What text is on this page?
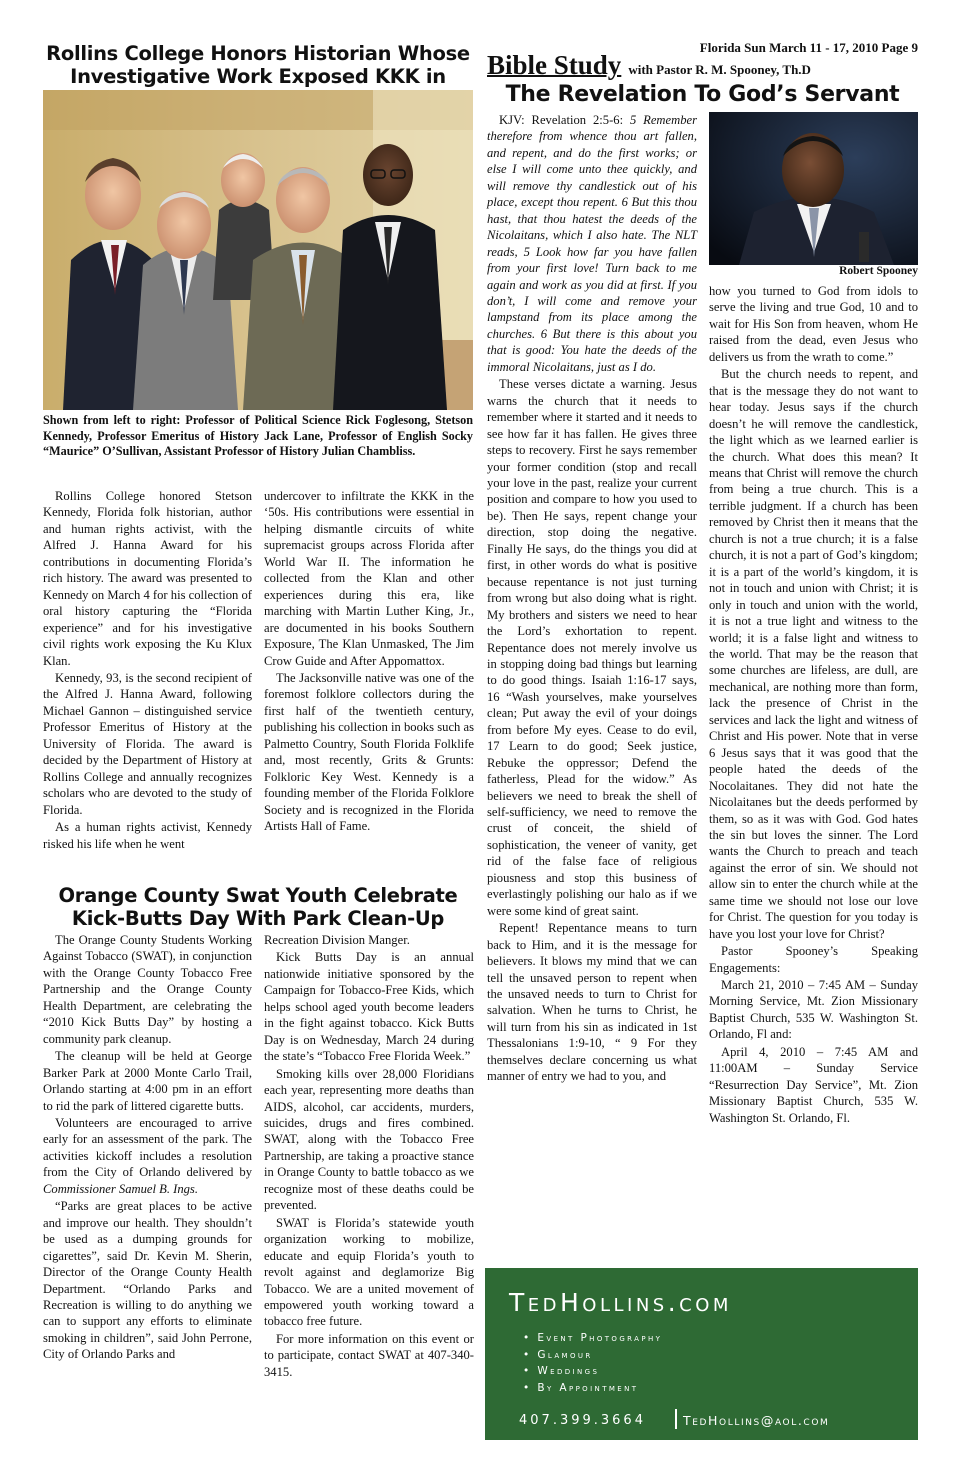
Rollins College Honors Historian Whose
Investigative Work Exposed KKK in
Shown from left to right: Professor of Political Science Rick Foglesong, Stetson Kennedy, Professor Emeritus of History Jack Lane, Professor of English Socky “Maurice” O’Sullivan, Assistant Professor of History Julian Chambliss.

Rollins College honored Stetson Kennedy, Florida folk historian, author and human rights activist, with the Alfred J. Hanna Award for his contributions in documenting Florida’s rich history. The award was presented to Kennedy on March 4 for his collection of oral history capturing the “Florida experience” and for his investigative civil rights work exposing the Ku Klux Klan.

Kennedy, 93, is the second recipient of the Alfred J. Hanna Award, following Michael Gannon – distinguished service Professor Emeritus of History at the University of Florida. The award is decided by the Department of History at Rollins College and annually recognizes scholars who are devoted to the study of Florida.

As a human rights activist, Kennedy risked his life when he went

undercover to infiltrate the KKK in the ‘50s. His contributions were essential in helping dismantle circuits of white supremacist groups across Florida after World War II. The information he collected from the Klan and other experiences during this era, like marching with Martin Luther King, Jr., are documented in his books Southern Exposure, The Klan Unmasked, The Jim Crow Guide and After Appomattox.

The Jacksonville native was one of the foremost folklore collectors during the first half of the twentieth century, publishing his collection in books such as Palmetto Country, South Florida Folklife and, most recently, Grits & Grunts: Folkloric Key West. Kennedy is a founding member of the Florida Folklore Society and is recognized in the Florida Artists Hall of Fame.

Orange County Swat Youth Celebrate
Kick-Butts Day With Park Clean-Up

The Orange County Students Working Against Tobacco (SWAT), in conjunction with the Orange County Tobacco Free Partnership and the Orange County Health Department, are celebrating the “2010 Kick Butts Day” by hosting a community park cleanup.

The cleanup will be held at George Barker Park at 2000 Monte Carlo Trail, Orlando starting at 4:00 pm in an effort to rid the park of littered cigarette butts.

Volunteers are encouraged to arrive early for an assessment of the park. The activities kickoff includes a resolution from the City of Orlando delivered by Commissioner Samuel B. Ings.

“Parks are great places to be active and improve our health. They shouldn’t be used as a dumping grounds for cigarettes”, said Dr. Kevin M. Sherin, Director of the Orange County Health Department. “Orlando Parks and Recreation is willing to do anything we can to support any efforts to eliminate smoking in children”, said John Perrone, City of Orlando Parks and

Recreation Division Manger.

Kick Butts Day is an annual nationwide initiative sponsored by the Campaign for Tobacco-Free Kids, which helps school aged youth become leaders in the fight against tobacco. Kick Butts Day is on Wednesday, March 24 during the state’s “Tobacco Free Florida Week.”

Smoking kills over 28,000 Floridians each year, representing more deaths than AIDS, alcohol, car accidents, murders, suicides, drugs and fires combined. SWAT, along with the Tobacco Free Partnership, are taking a proactive stance in Orange County to battle tobacco as we recognize most of these deaths could be prevented.

SWAT is Florida’s statewide youth organization working to mobilize, educate and equip Florida’s youth to revolt against and deglamorize Big Tobacco. We are a united movement of empowered youth working toward a tobacco free future.

For more information on this event or to participate, contact SWAT at 407-340-3415.

Florida Sun March 11 - 17, 2010 Page 9
Bible Study with Pastor R. M. Spooney, Th.D
The Revelation To God’s Servant
Robert Spooney

KJV: Revelation 2:5-6: 5 Remember therefore from whence thou art fallen, and repent, and do the first works; or else I will come unto thee quickly, and will remove thy candlestick out of his place, except thou repent. 6 But this thou hast, that thou hatest the deeds of the Nicolaitans, which I also hate. The NLT reads, 5 Look how far you have fallen from your first love! Turn back to me again and work as you did at first. If you don’t, I will come and remove your lampstand from its place among the churches. 6 But there is this about you that is good: You hate the deeds of the immoral Nicolaitans, just as I do.

These verses dictate a warning. Jesus warns the church that it needs to remember where it started and it needs to see how far it has fallen. He gives three steps to recovery. First he says remember your former condition (stop and recall your love in the past, realize your current position and compare to how you used to be). Then He says, repent change your direction, stop doing the negative. Finally He says, do the things you did at first, in other words do what is positive because repentance is not just turning from wrong but also doing what is right. My brothers and sisters we need to hear the Lord’s exhortation to repent. Repentance does not merely involve us in stopping doing bad things but learning to do good things. Isaiah 1:16-17 says, 16 “Wash yourselves, make yourselves clean; Put away the evil of your doings from before My eyes. Cease to do evil, 17 Learn to do good; Seek justice, Rebuke the oppressor; Defend the fatherless, Plead for the widow.” As believers we need to break the shell of self-sufficiency, we need to remove the crust of conceit, the shield of sophistication, the veneer of vanity, get rid of the false face of religious piousness and stop this business of everlastingly polishing our halo as if we were some kind of great saint.

Repent! Repentance means to turn back to Him, and it is the message for believers. It blows my mind that we can tell the unsaved person to repent when the unsaved needs to turn to Christ for salvation. When he turns to Christ, he will turn from his sin as indicated in 1st Thessalonians 1:9-10, “ 9 For they themselves declare concerning us what manner of entry we had to you, and

how you turned to God from idols to serve the living and true God, 10 and to wait for His Son from heaven, whom He raised from the dead, even Jesus who delivers us from the wrath to come.”

But the church needs to repent, and that is the message they do not want to hear today. Jesus says if the church doesn’t he will remove the candlestick, the light which as we learned earlier is the church. What does this mean? It means that Christ will remove the church from being a true church. This is a terrible judgment. If a church has been removed by Christ then it means that the church is not a true church; it is a false church, it is not a part of God’s kingdom; it is a part of the world’s kingdom, it is not in touch and union with Christ; it is only in touch and union with the world, it is not a true light and witness to the world; it is a false light and witness to the world. That may be the reason that some churches are lifeless, are dull, are mechanical, are nothing more than form, lack the presence of Christ in the services and lack the light and witness of Christ and His power. Note that in verse 6 Jesus says that it was good that the people hated the deeds of the Nocolaitanes. They did not hate the Nicolaitanes but the deeds performed by them, so as it was with God. God hates the sin but loves the sinner. The Lord wants the Church to preach and teach against the error of sin. We should not allow sin to enter the church while at the same time we should not lose our love for Christ. The question for you today is have you lost your love for Christ?

Pastor Spooney’s Speaking Engagements:

March 21, 2010 – 7:45 AM – Sunday Morning Service, Mt. Zion Missionary Baptist Church, 535 W. Washington St. Orlando, Fl and:

April 4, 2010 – 7:45 AM and 11:00AM – Sunday Service “Resurrection Day Service”, Mt. Zion Missionary Baptist Church, 535 W. Washington St. Orlando, Fl.

TedHollins.com
• Event Photography
• Glamour
• Weddings
• By Appointment
407.399.3664	TedHollins@aol.com
